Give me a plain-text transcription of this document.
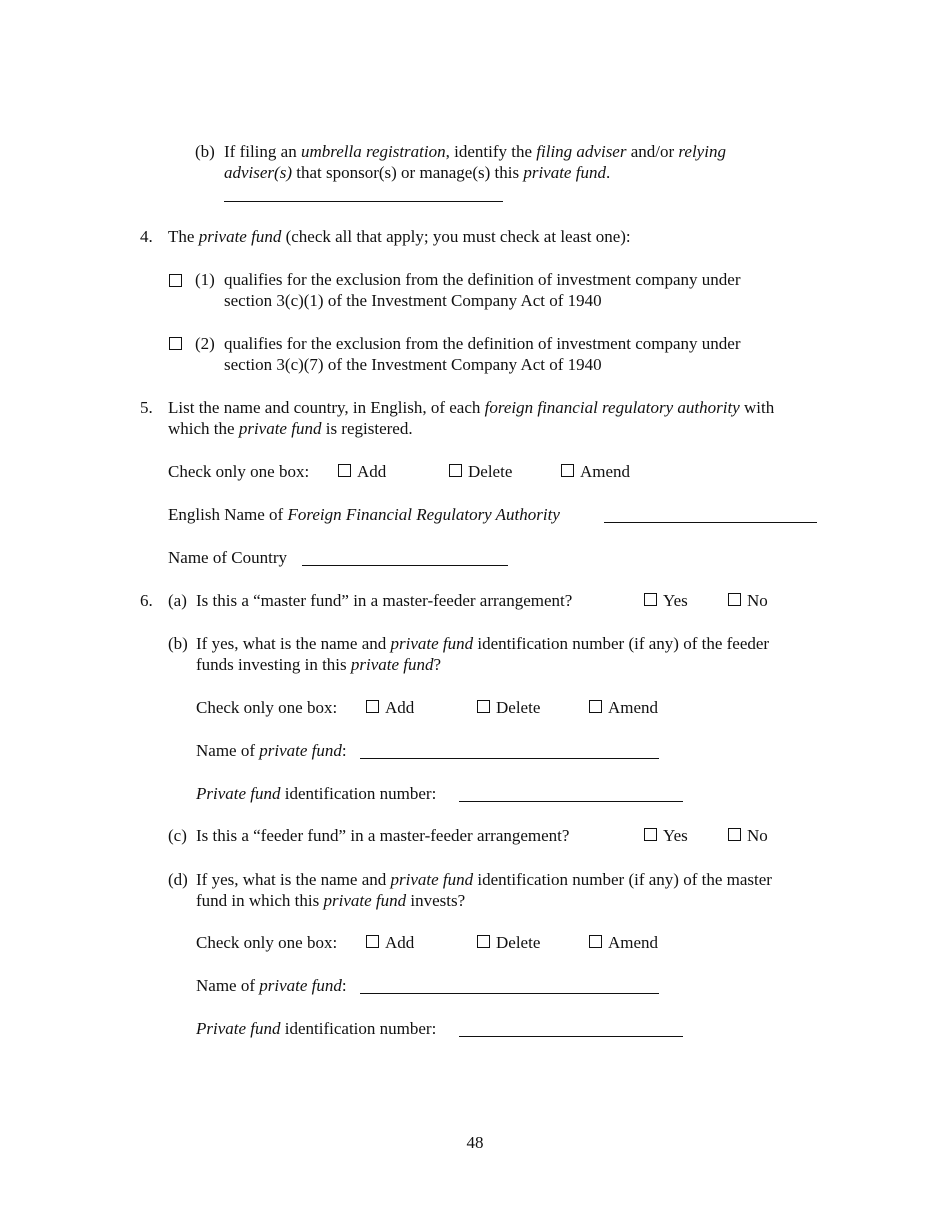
(b) If filing an umbrella registration, identify the filing adviser and/or relying
adviser(s) that sponsor(s) or manage(s) this private fund.
4. The private fund (check all that apply; you must check at least one):
(1) qualifies for the exclusion from the definition of investment company under
section 3(c)(1) of the Investment Company Act of 1940
(2) qualifies for the exclusion from the definition of investment company under
section 3(c)(7) of the Investment Company Act of 1940
5. List the name and country, in English, of each foreign financial regulatory authority with
which the private fund is registered.
Check only one box:	Add	Delete	Amend
English Name of Foreign Financial Regulatory Authority
Name of Country
6. (a) Is this a “master fund” in a master-feeder arrangement?	Yes	No
(b) If yes, what is the name and private fund identification number (if any) of the feeder
funds investing in this private fund?
Check only one box:	Add	Delete	Amend
Name of private fund:
Private fund identification number:
(c) Is this a “feeder fund” in a master-feeder arrangement?	Yes	No
(d) If yes, what is the name and private fund identification number (if any) of the master
fund in which this private fund invests?
Check only one box:	Add	Delete	Amend
Name of private fund:
Private fund identification number:
48
